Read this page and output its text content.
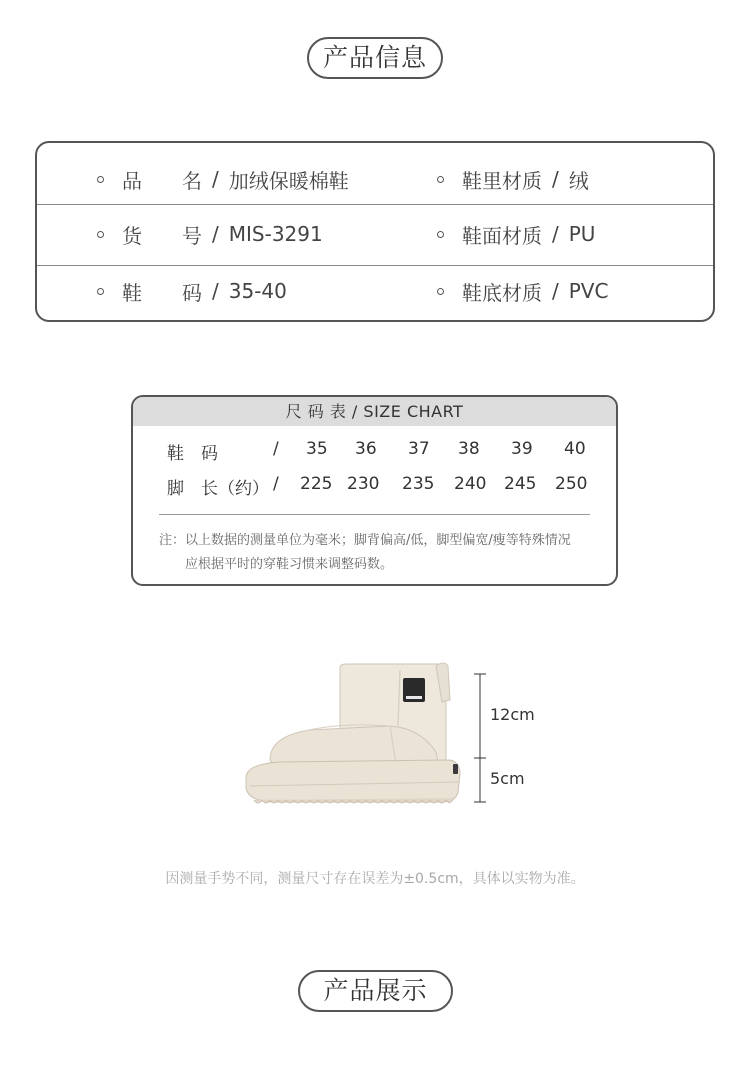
产品信息
品　　名 / 加绒保暖棉鞋	鞋里材质 / 绒
货　　号 / MIS-3291	鞋面材质 / PU
鞋　　码 / 35-40	鞋底材质 / PVC
尺 码 表 / SIZE CHART
鞋　码	/ 35 36 37 38 39 40
脚　长（约） / 225 230 235 240 245 250
注：以上数据的测量单位为毫米；脚背偏高/低，脚型偏宽/瘦等特殊情况
应根据平时的穿鞋习惯来调整码数。
12cm
5cm
因测量手势不同，测量尺寸存在误差为±0.5cm，具体以实物为准。
产品展示
